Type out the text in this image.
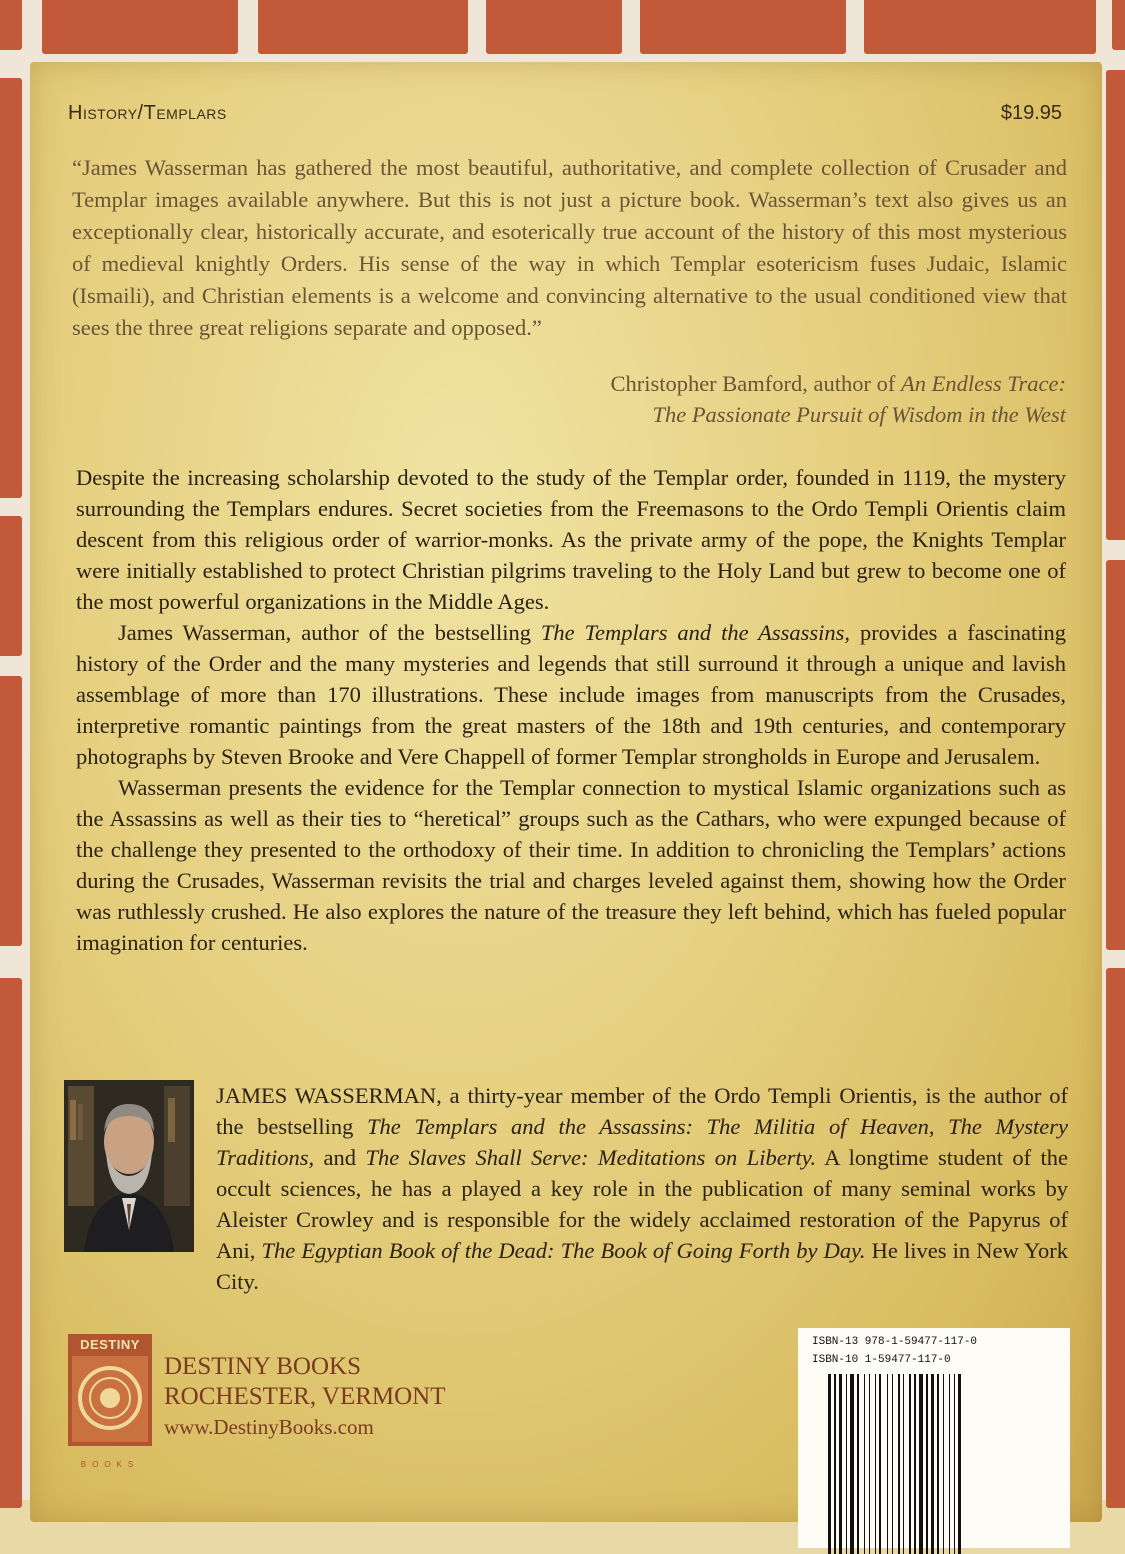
History/Templars	$19.95
“James Wasserman has gathered the most beautiful, authoritative, and complete collection of Crusader and Templar images available anywhere. But this is not just a picture book. Wasserman’s text also gives us an exceptionally clear, historically accurate, and esoterically true account of the history of this most mysterious of medieval knightly Orders. His sense of the way in which Templar esotericism fuses Judaic, Islamic (Ismaili), and Christian elements is a welcome and convincing alternative to the usual conditioned view that sees the three great religions separate and opposed.”
Christopher Bamford, author of An Endless Trace:
The Passionate Pursuit of Wisdom in the West

Despite the increasing scholarship devoted to the study of the Templar order, founded in 1119, the mystery surrounding the Templars endures. Secret societies from the Freemasons to the Ordo Templi Orientis claim descent from this religious order of warrior-monks. As the private army of the pope, the Knights Templar were initially established to protect Christian pilgrims traveling to the Holy Land but grew to become one of the most powerful organizations in the Middle Ages.

James Wasserman, author of the bestselling The Templars and the Assassins, provides a fascinating history of the Order and the many mysteries and legends that still surround it through a unique and lavish assemblage of more than 170 illustrations. These include images from manuscripts from the Crusades, interpretive romantic paintings from the great masters of the 18th and 19th centuries, and contemporary photographs by Steven Brooke and Vere Chappell of former Templar strongholds in Europe and Jerusalem.

Wasserman presents the evidence for the Templar connection to mystical Islamic organizations such as the Assassins as well as their ties to “heretical” groups such as the Cathars, who were expunged because of the challenge they presented to the orthodoxy of their time. In addition to chronicling the Templars’ actions during the Crusades, Wasserman revisits the trial and charges leveled against them, showing how the Order was ruthlessly crushed. He also explores the nature of the treasure they left behind, which has fueled popular imagination for centuries.

JAMES WASSERMAN, a thirty-year member of the Ordo Templi Orientis, is the author of the bestselling The Templars and the Assassins: The Militia of Heaven, The Mystery Traditions, and The Slaves Shall Serve: Meditations on Liberty. A longtime student of the occult sciences, he has a played a key role in the publication of many seminal works by Aleister Crowley and is responsible for the widely acclaimed restoration of the Papyrus of Ani, The Egyptian Book of the Dead: The Book of Going Forth by Day. He lives in New York City.
DESTINY
BOOKS
DESTINY BOOKS
ROCHESTER, VERMONT
www.DestinyBooks.com
ISBN-13 978-1-59477-117-0
ISBN-10 1-59477-117-0
